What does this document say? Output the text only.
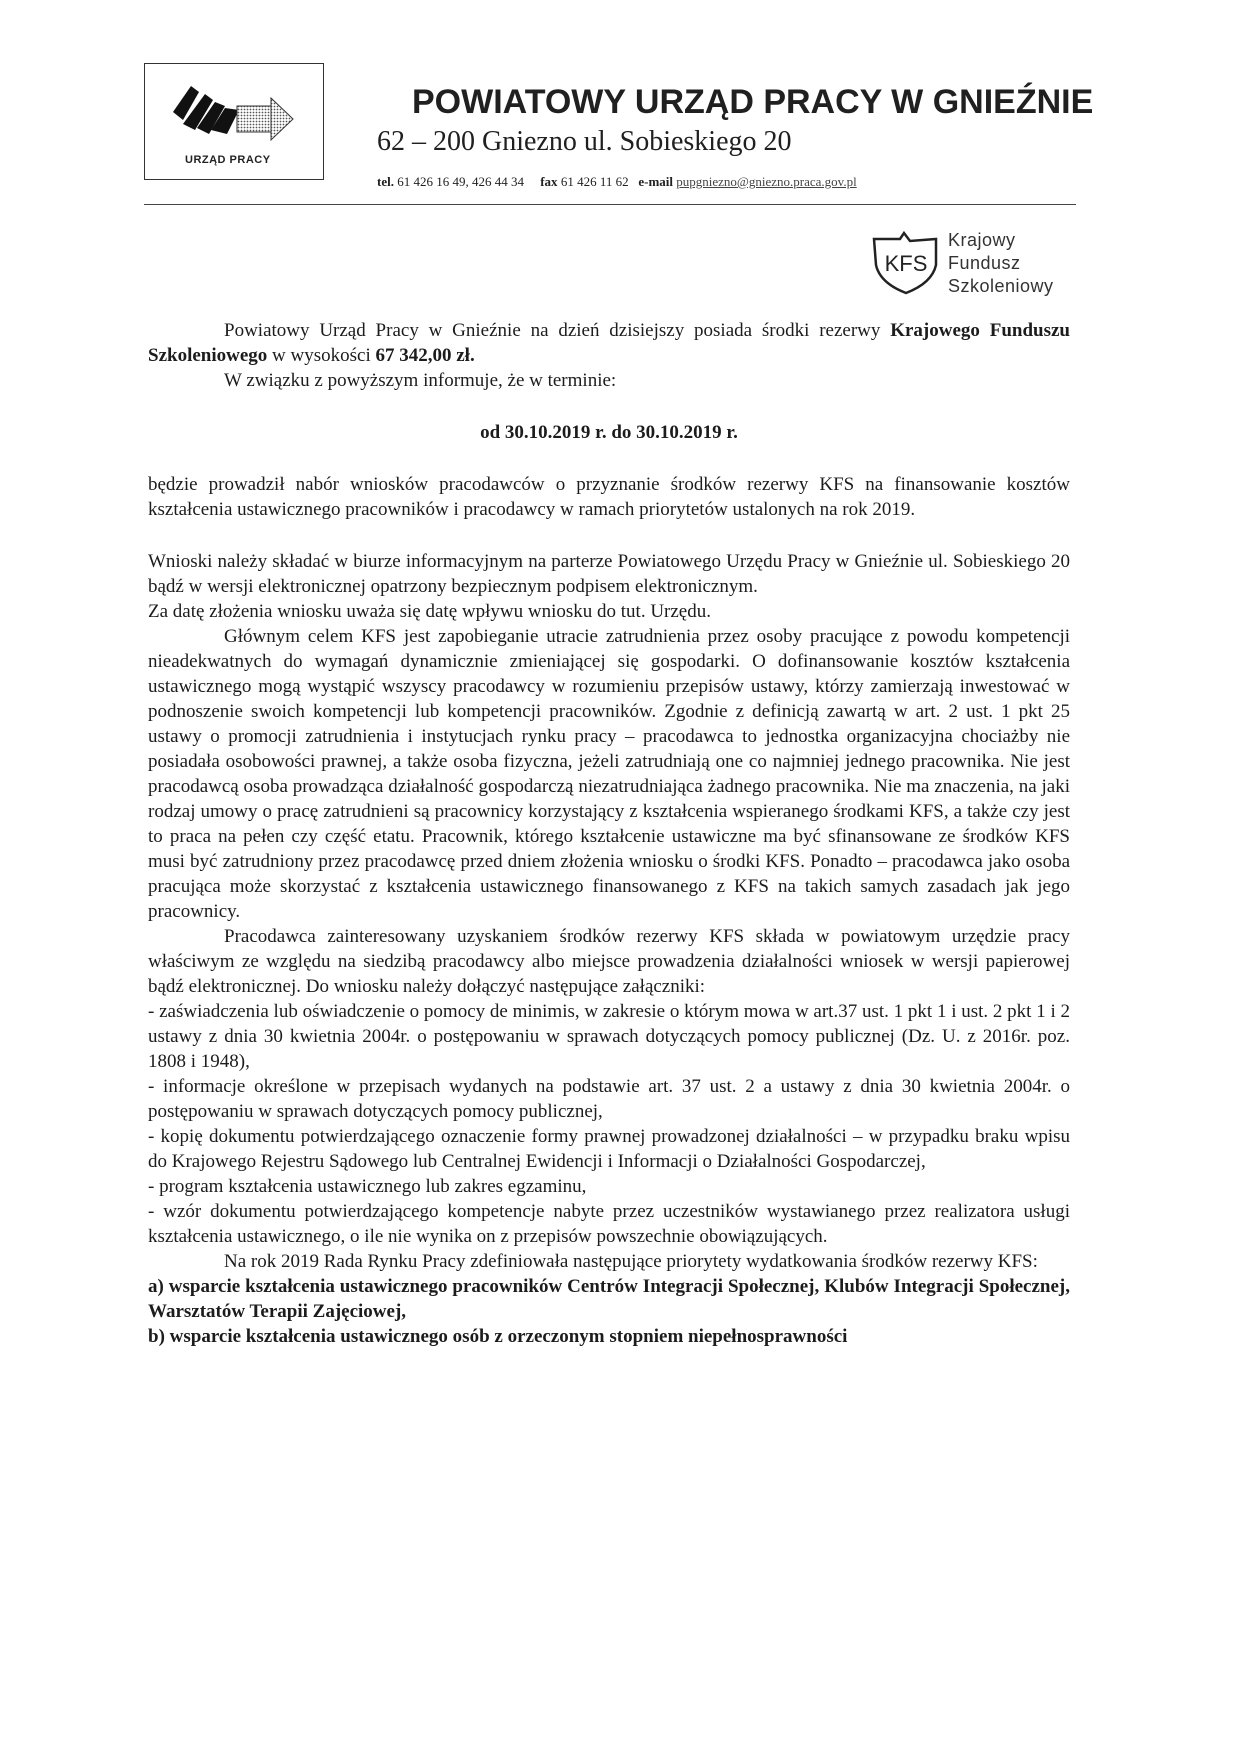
URZĄD PRACY
POWIATOWY URZĄD PRACY W GNIEŹNIE
62 – 200 Gniezno ul. Sobieskiego 20
tel. 61 426 16 49, 426 44 34 fax 61 426 11 62 e-mail pupgniezno@gniezno.praca.gov.pl
KFS
Krajowy
Fundusz
Szkoleniowy

Powiatowy Urząd Pracy w Gnieźnie na dzień dzisiejszy posiada środki rezerwy Krajowego Funduszu Szkoleniowego w wysokości 67 342,00 zł.

W związku z powyższym informuje, że w terminie:

od 30.10.2019 r. do 30.10.2019 r.

będzie prowadził nabór wniosków pracodawców o przyznanie środków rezerwy KFS na finansowanie kosztów kształcenia ustawicznego pracowników i pracodawcy w ramach priorytetów ustalonych na rok 2019.

Wnioski należy składać w biurze informacyjnym na parterze Powiatowego Urzędu Pracy w Gnieźnie ul. Sobieskiego 20 bądź w wersji elektronicznej opatrzony bezpiecznym podpisem elektronicznym.

Za datę złożenia wniosku uważa się datę wpływu wniosku do tut. Urzędu.

Głównym celem KFS jest zapobieganie utracie zatrudnienia przez osoby pracujące z powodu kompetencji nieadekwatnych do wymagań dynamicznie zmieniającej się gospodarki. O dofinansowanie kosztów kształcenia ustawicznego mogą wystąpić wszyscy pracodawcy w rozumieniu przepisów ustawy, którzy zamierzają inwestować w podnoszenie swoich kompetencji lub kompetencji pracowników. Zgodnie z definicją zawartą w art. 2 ust. 1 pkt 25 ustawy o promocji zatrudnienia i instytucjach rynku pracy – pracodawca to jednostka organizacyjna chociażby nie posiadała osobowości prawnej, a także osoba fizyczna, jeżeli zatrudniają one co najmniej jednego pracownika. Nie jest pracodawcą osoba prowadząca działalność gospodarczą niezatrudniająca żadnego pracownika. Nie ma znaczenia, na jaki rodzaj umowy o pracę zatrudnieni są pracownicy korzystający z kształcenia wspieranego środkami KFS, a także czy jest to praca na pełen czy część etatu. Pracownik, którego kształcenie ustawiczne ma być sfinansowane ze środków KFS musi być zatrudniony przez pracodawcę przed dniem złożenia wniosku o środki KFS. Ponadto – pracodawca jako osoba pracująca może skorzystać z kształcenia ustawicznego finansowanego z KFS na takich samych zasadach jak jego pracownicy.

Pracodawca zainteresowany uzyskaniem środków rezerwy KFS składa w powiatowym urzędzie pracy właściwym ze względu na siedzibą pracodawcy albo miejsce prowadzenia działalności wniosek w wersji papierowej bądź elektronicznej. Do wniosku należy dołączyć następujące załączniki:

- zaświadczenia lub oświadczenie o pomocy de minimis, w zakresie o którym mowa w art.37 ust. 1 pkt 1 i ust. 2 pkt 1 i 2 ustawy z dnia 30 kwietnia 2004r. o postępowaniu w sprawach dotyczących pomocy publicznej (Dz. U. z 2016r. poz. 1808 i 1948),

- informacje określone w przepisach wydanych na podstawie art. 37 ust. 2 a ustawy z dnia 30 kwietnia 2004r. o postępowaniu w sprawach dotyczących pomocy publicznej,

- kopię dokumentu potwierdzającego oznaczenie formy prawnej prowadzonej działalności – w przypadku braku wpisu do Krajowego Rejestru Sądowego lub Centralnej Ewidencji i Informacji o Działalności Gospodarczej,

- program kształcenia ustawicznego lub zakres egzaminu,

- wzór dokumentu potwierdzającego kompetencje nabyte przez uczestników wystawianego przez realizatora usługi kształcenia ustawicznego, o ile nie wynika on z przepisów powszechnie obowiązujących.

Na rok 2019 Rada Rynku Pracy zdefiniowała następujące priorytety wydatkowania środków rezerwy KFS:

a) wsparcie kształcenia ustawicznego pracowników Centrów Integracji Społecznej, Klubów Integracji Społecznej, Warsztatów Terapii Zajęciowej,

b) wsparcie kształcenia ustawicznego osób z orzeczonym stopniem niepełnosprawności
